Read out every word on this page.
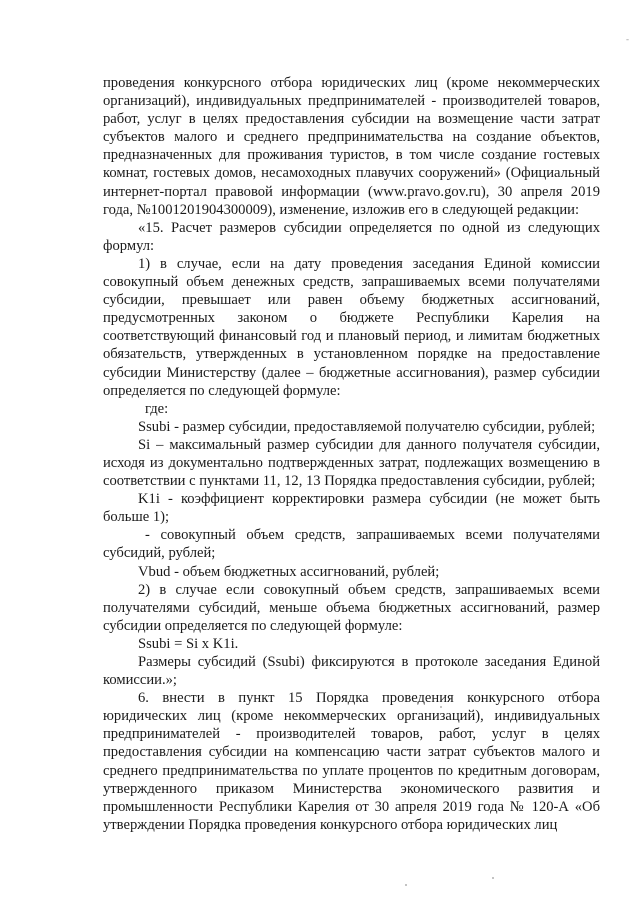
-

проведения конкурсного отбора юридических лиц (кроме некоммерческих организаций), индивидуальных предпринимателей - производителей товаров, работ, услуг в целях предоставления субсидии на возмещение части затрат субъектов малого и среднего предпринимательства на создание объектов, предназначенных для проживания туристов, в том числе создание гостевых комнат, гостевых домов, несамоходных плавучих сооружений» (Официальный интернет-портал правовой информации (www.pravo.gov.ru), 30 апреля 2019 года, №1001201904300009), изменение, изложив его в следующей редакции:

«15. Расчет размеров субсидии определяется по одной из следующих формул:

1) в случае, если на дату проведения заседания Единой комиссии совокупный объем денежных средств, запрашиваемых всеми получателями субсидии, превышает или равен объему бюджетных ассигнований, предусмотренных законом о бюджете Республики Карелия на соответствующий финансовый год и плановый период, и лимитам бюджетных обязательств, утвержденных в установленном порядке на предоставление субсидии Министерству (далее – бюджетные ассигнования), размер субсидии определяется по следующей формуле:

где:

Ssubi - размер субсидии, предоставляемой получателю субсидии, рублей;

Si – максимальный размер субсидии для данного получателя субсидии, исходя из документально подтвержденных затрат, подлежащих возмещению в соответствии с пунктами 11, 12, 13 Порядка предоставления субсидии, рублей;

K1i - коэффициент корректировки размера субсидии (не может быть больше 1);

- совокупный объем средств, запрашиваемых всеми получателями субсидий, рублей;

Vbud - объем бюджетных ассигнований, рублей;

2) в случае если совокупный объем средств, запрашиваемых всеми получателями субсидий, меньше объема бюджетных ассигнований, размер субсидии определяется по следующей формуле:

Ssubi = Si x K1i.

Размеры субсидий (Ssubi) фиксируются в протоколе заседания Единой комиссии.»;

6. внести в пункт 15 Порядка проведения конкурсного отбора юридических лиц (кроме некоммерческих организаций), индивидуальных предпринимателей - производителей товаров, работ, услуг в целях предоставления субсидии на компенсацию части затрат субъектов малого и среднего предпринимательства по уплате процентов по кредитным договорам, утвержденного приказом Министерства экономического развития и промышленности Республики Карелия от 30 апреля 2019 года № 120-А «Об утверждении Порядка проведения конкурсного отбора юридических лиц
